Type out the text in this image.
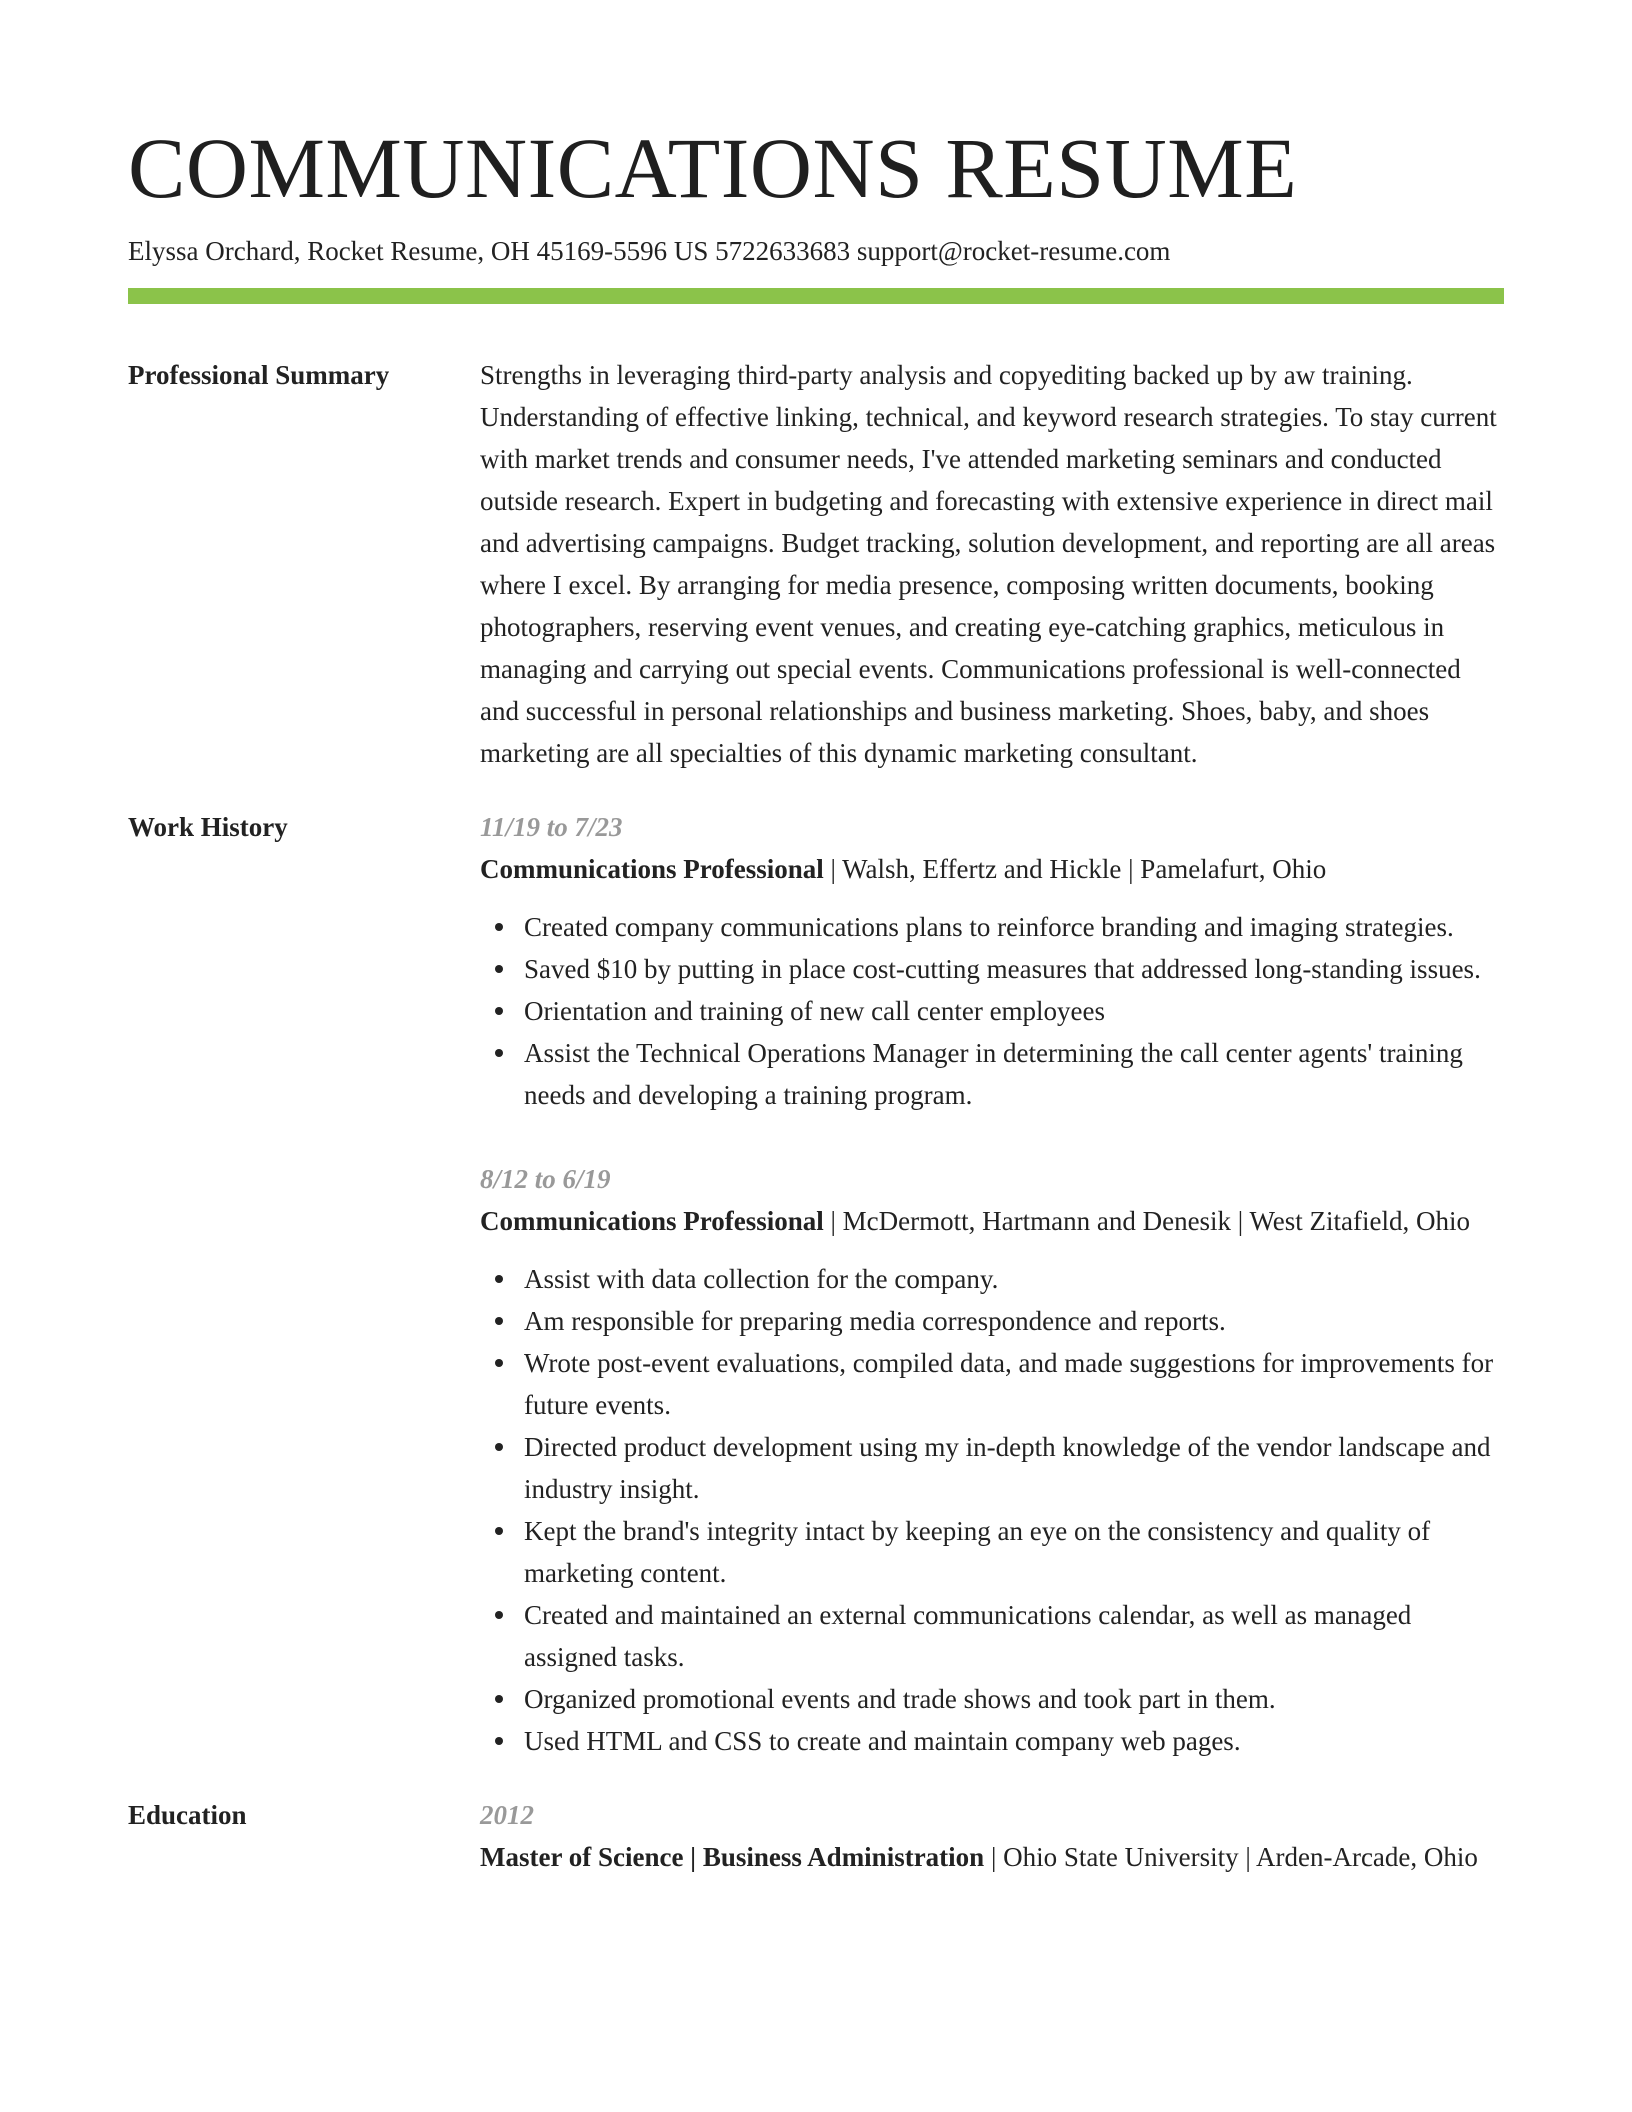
COMMUNICATIONS RESUME
Elyssa Orchard, Rocket Resume, OH 45169-5596 US 5722633683 support@rocket-resume.com
Professional Summary	Strengths in leveraging third-party analysis and copyediting backed up by aw training. Understanding of effective linking, technical, and keyword research strategies. To stay current with market trends and consumer needs, I've attended marketing seminars and conducted outside research. Expert in budgeting and forecasting with extensive experience in direct mail and advertising campaigns. Budget tracking, solution development, and reporting are all areas where I excel. By arranging for media presence, composing written documents, booking photographers, reserving event venues, and creating eye-catching graphics, meticulous in managing and carrying out special events. Communications professional is well-connected and successful in personal relationships and business marketing. Shoes, baby, and shoes marketing are all specialties of this dynamic marketing consultant.
Work History	11/19 to 7/23
Communications Professional | Walsh, Effertz and Hickle | Pamelafurt, Ohio
Created company communications plans to reinforce branding and imaging strategies.
Saved $10 by putting in place cost-cutting measures that addressed long-standing issues.
Orientation and training of new call center employees
Assist the Technical Operations Manager in determining the call center agents' training needs and developing a training program.
8/12 to 6/19
Communications Professional | McDermott, Hartmann and Denesik | West Zitafield, Ohio
Assist with data collection for the company.
Am responsible for preparing media correspondence and reports.
Wrote post-event evaluations, compiled data, and made suggestions for improvements for future events.
Directed product development using my in-depth knowledge of the vendor landscape and industry insight.
Kept the brand's integrity intact by keeping an eye on the consistency and quality of marketing content.
Created and maintained an external communications calendar, as well as managed assigned tasks.
Organized promotional events and trade shows and took part in them.
Used HTML and CSS to create and maintain company web pages.
Education	2012
Master of Science | Business Administration | Ohio State University | Arden-Arcade, Ohio
